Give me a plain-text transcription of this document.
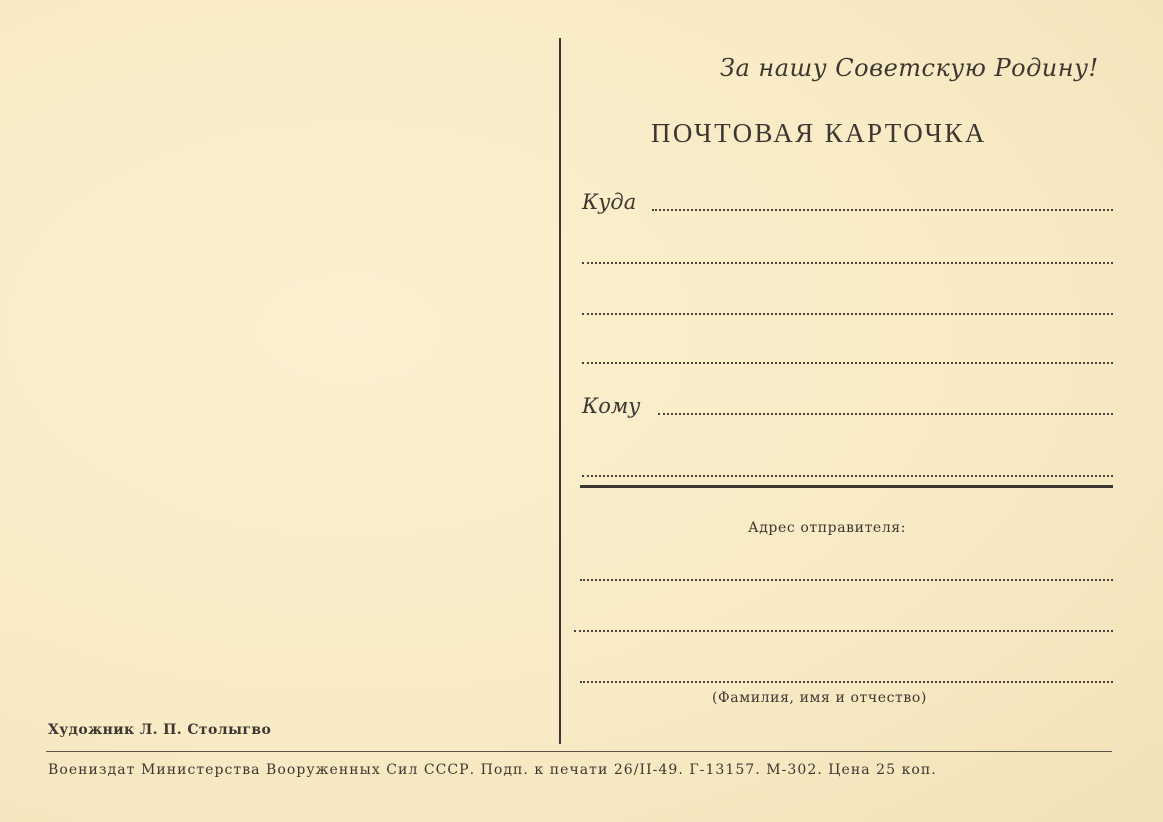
За нашу Советскую Родину!
ПОЧТОВАЯ КАРТОЧКА
Куда
Кому
Адрес отправителя:
(Фамилия, имя и отчество)
Художник Л. П. Столыгво
Воениздат Министерства Вооруженных Сил СССР. Подп. к печати 26/II-49. Г-13157. М-302. Цена 25 коп.
